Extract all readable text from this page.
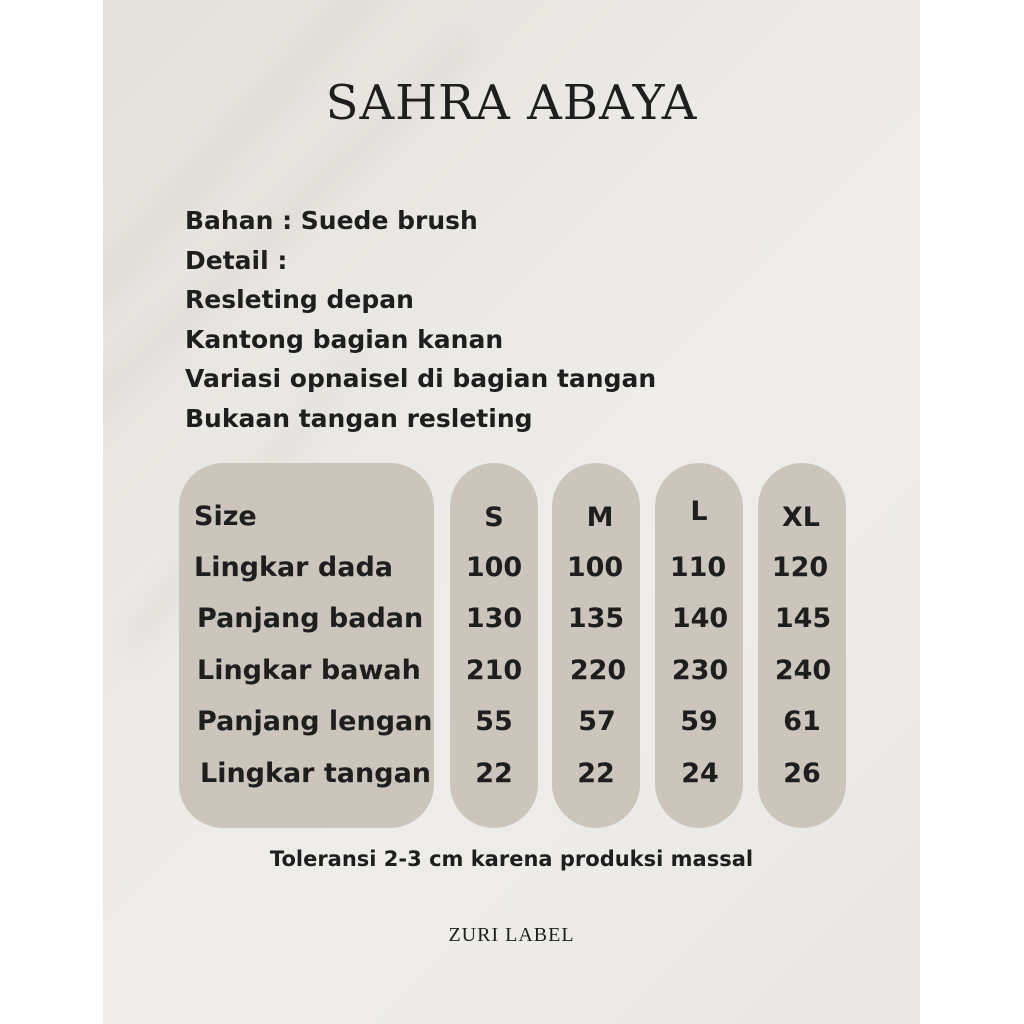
SAHRA ABAYA
Bahan : Suede brush
Detail :
Resleting depan
Kantong bagian kanan
Variasi opnaisel di bagian tangan
Bukaan tangan resleting
Size	S	M	L	XL
Lingkar dada	100	100	110	120
Panjang badan	130	135	140	145
Lingkar bawah	210	220	230	240
Panjang lengan	55	57	59	61
Lingkar tangan	22	22	24	26
Toleransi 2-3 cm karena produksi massal
ZURI LABEL
